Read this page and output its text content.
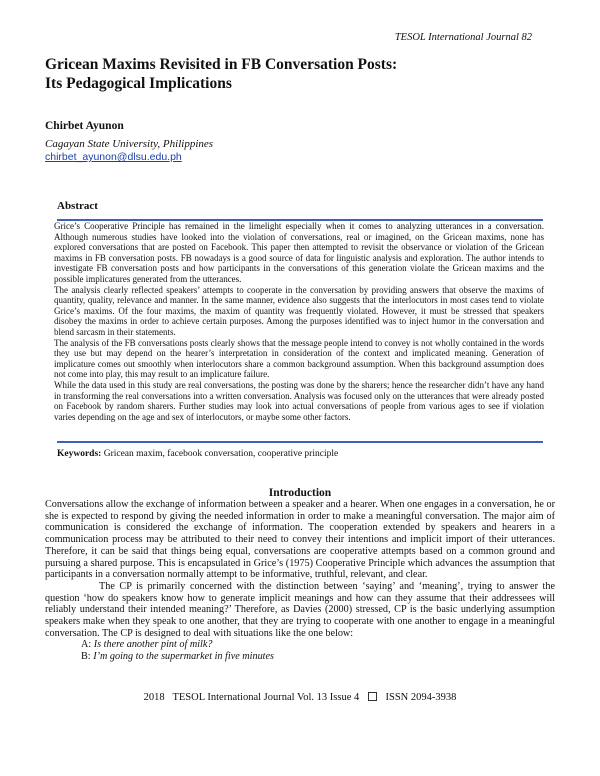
TESOL International Journal 82
Gricean Maxims Revisited in FB Conversation Posts:
Its Pedagogical Implications
Chirbet Ayunon
Cagayan State University, Philippines
chirbet_ayunon@dlsu.edu.ph
Abstract

Grice’s Cooperative Principle has remained in the limelight especially when it comes to analyzing utterances in a conversation. Although numerous studies have looked into the violation of conversations, real or imagined, on the Gricean maxims, none has explored conversations that are posted on Facebook. This paper then attempted to revisit the observance or violation of the Gricean maxims in FB conversation posts. FB nowadays is a good source of data for linguistic analysis and exploration. The author intends to investigate FB conversation posts and how participants in the conversations of this generation violate the Gricean maxims and the possible implicatures generated from the utterances.

The analysis clearly reflected speakers’ attempts to cooperate in the conversation by providing answers that observe the maxims of quantity, quality, relevance and manner. In the same manner, evidence also suggests that the interlocutors in most cases tend to violate Grice’s maxims. Of the four maxims, the maxim of quantity was frequently violated. However, it must be stressed that speakers disobey the maxims in order to achieve certain purposes. Among the purposes identified was to inject humor in the conversation and blend sarcasm in their statements.

The analysis of the FB conversations posts clearly shows that the message people intend to convey is not wholly contained in the words they use but may depend on the hearer’s interpretation in consideration of the context and implicated meaning. Generation of implicature comes out smoothly when interlocutors share a common background assumption. When this background assumption does not come into play, this may result to an implicature failure.

While the data used in this study are real conversations, the posting was done by the sharers; hence the researcher didn’t have any hand in transforming the real conversations into a written conversation. Analysis was focused only on the utterances that were already posted on Facebook by random sharers. Further studies may look into actual conversations of people from various ages to see if violation varies depending on the age and sex of interlocutors, or maybe some other factors.

Keywords: Gricean maxim, facebook conversation, cooperative principle
Introduction

Conversations allow the exchange of information between a speaker and a hearer. When one engages in a conversation, he or she is expected to respond by giving the needed information in order to make a meaningful conversation. The major aim of communication is considered the exchange of information. The cooperation extended by speakers and hearers in a communication process may be attributed to their need to convey their intentions and implicit import of their utterances. Therefore, it can be said that things being equal, conversations are cooperative attempts based on a common ground and pursuing a shared purpose. This is encapsulated in Grice’s (1975) Cooperative Principle which advances the assumption that participants in a conversation normally attempt to be informative, truthful, relevant, and clear.

The CP is primarily concerned with the distinction between ‘saying’ and ‘meaning’, trying to answer the question ‘how do speakers know how to generate implicit meanings and how can they assume that their addressees will reliably understand their intended meaning?’ Therefore, as Davies (2000) stressed, CP is the basic underlying assumption speakers make when they speak to one another, that they are trying to cooperate with one another to engage in a meaningful conversation. The CP is designed to deal with situations like the one below:

A: Is there another pint of milk?
B: I’m going to the supermarket in five minutes
2018 TESOL International Journal Vol. 13 Issue 4	ISSN 2094-3938
